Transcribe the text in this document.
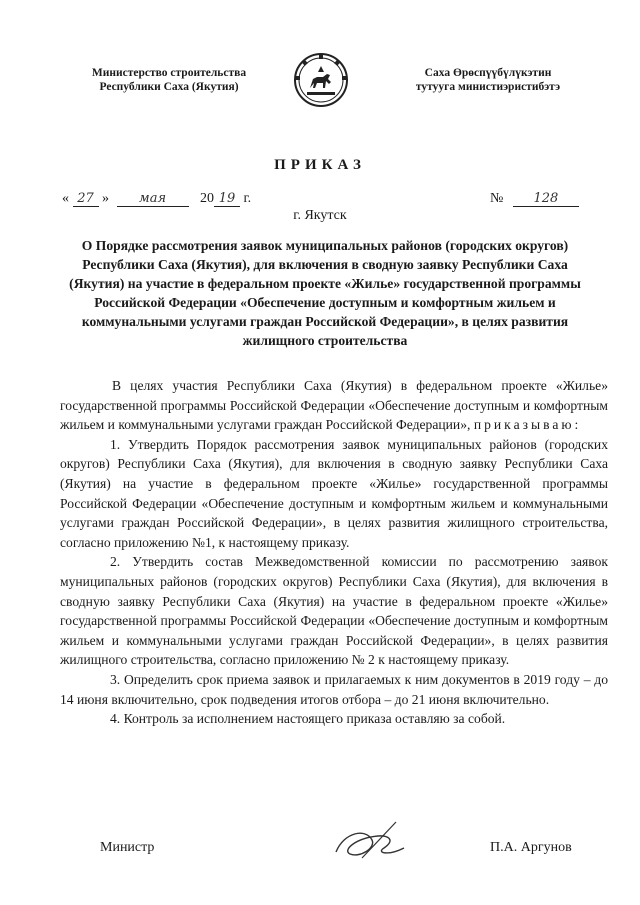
Министерство строительства
Республики Саха (Якутия)
Саха Өрөспүүбүлүкэтин
тутууга министиэристибэтэ
ПРИКАЗ
« 27 » мая 20 19 г.	№ 128
г. Якутск
О Порядке рассмотрения заявок муниципальных районов (городских округов) Республики Саха (Якутия), для включения в сводную заявку Республики Саха (Якутия) на участие в федеральном проекте «Жилье» государственной программы Российской Федерации «Обеспечение доступным и комфортным жильем и коммунальными услугами граждан Российской Федерации», в целях развития жилищного строительства

В целях участия Республики Саха (Якутия) в федеральном проекте «Жилье» государственной программы Российской Федерации «Обеспечение доступным и комфортным жильем и коммунальными услугами граждан Российской Федерации», приказываю:

1. Утвердить Порядок рассмотрения заявок муниципальных районов (городских округов) Республики Саха (Якутия), для включения в сводную заявку Республики Саха (Якутия) на участие в федеральном проекте «Жилье» государственной программы Российской Федерации «Обеспечение доступным и комфортным жильем и коммунальными услугами граждан Российской Федерации», в целях развития жилищного строительства, согласно приложению №1, к настоящему приказу.

2. Утвердить состав Межведомственной комиссии по рассмотрению заявок муниципальных районов (городских округов) Республики Саха (Якутия), для включения в сводную заявку Республики Саха (Якутия) на участие в федеральном проекте «Жилье» государственной программы Российской Федерации «Обеспечение доступным и комфортным жильем и коммунальными услугами граждан Российской Федерации», в целях развития жилищного строительства, согласно приложению № 2 к настоящему приказу.

3. Определить срок приема заявок и прилагаемых к ним документов в 2019 году – до 14 июня включительно, срок подведения итогов отбора – до 21 июня включительно.

4. Контроль за исполнением настоящего приказа оставляю за собой.

Министр	П.А. Аргунов
